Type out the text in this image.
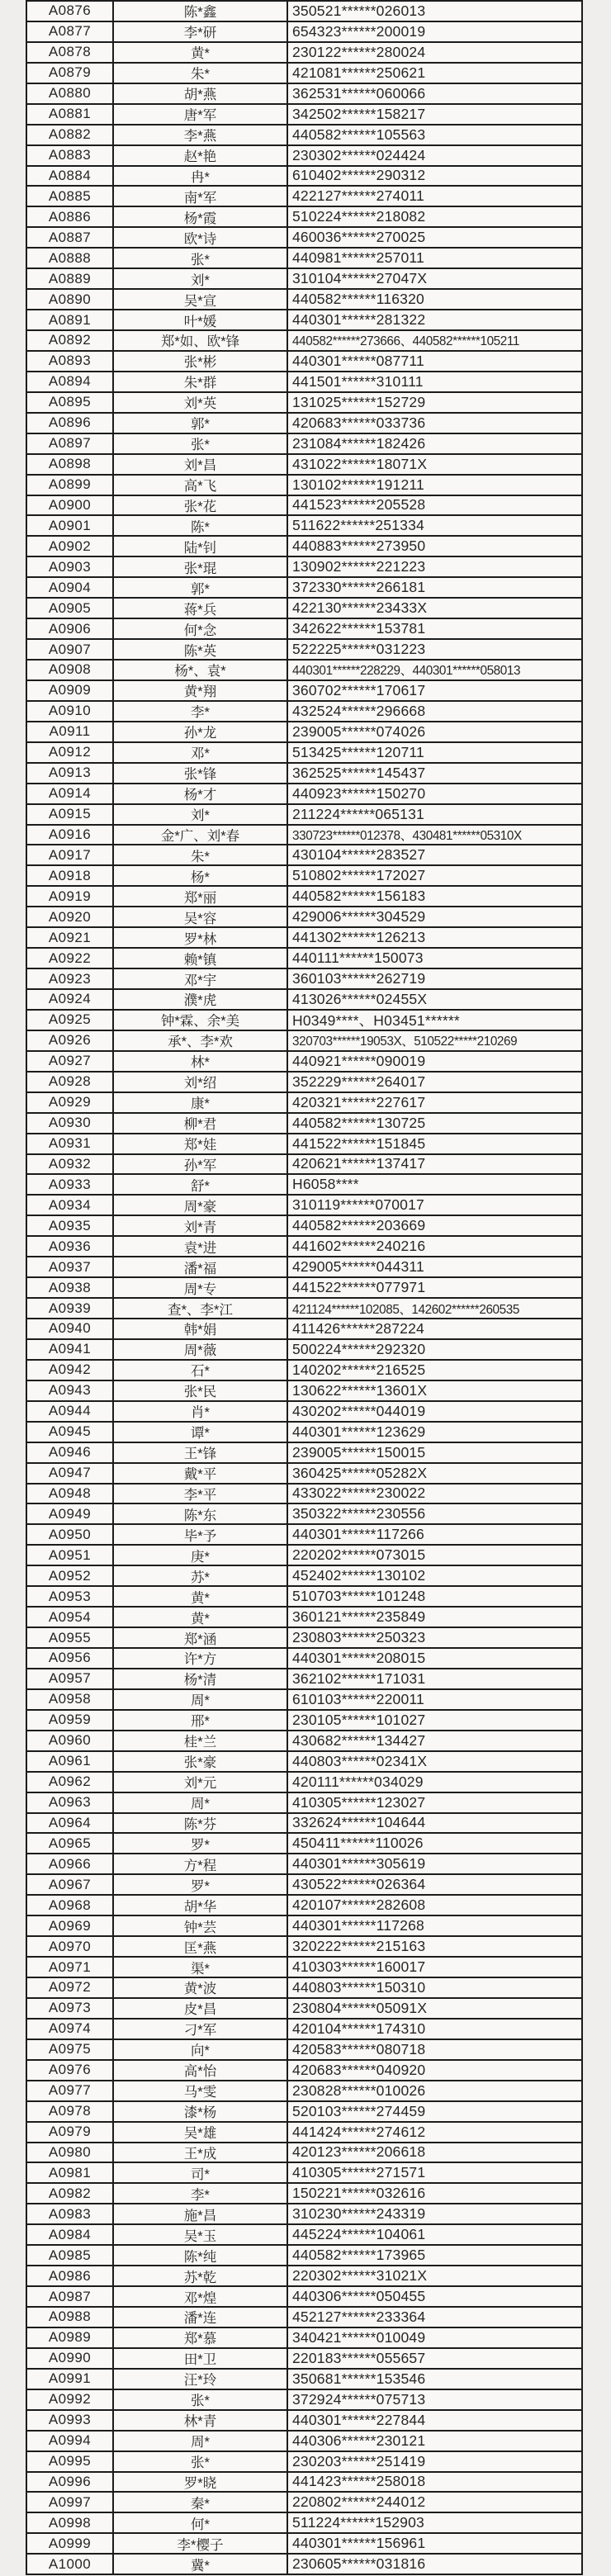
A0876	陈*鑫	350521******026013
A0877	李*研	654323******200019
A0878	黄*	230122******280024
A0879	朱*	421081******250621
A0880	胡*燕	362531******060066
A0881	唐*军	342502******158217
A0882	李*燕	440582******105563
A0883	赵*艳	230302******024424
A0884	冉*	610402******290312
A0885	南*军	422127******274011
A0886	杨*霞	510224******218082
A0887	欧*诗	460036******270025
A0888	张*	440981******257011
A0889	刘*	310104******27047X
A0890	吴*宣	440582******116320
A0891	叶*媛	440301******281322
A0892	郑*如、欧*锋	440582******273666、440582******105211
A0893	张*彬	440301******087711
A0894	朱*群	441501******310111
A0895	刘*英	131025******152729
A0896	郭*	420683******033736
A0897	张*	231084******182426
A0898	刘*昌	431022******18071X
A0899	高*飞	130102******191211
A0900	张*花	441523******205528
A0901	陈*	511622******251334
A0902	陆*钊	440883******273950
A0903	张*琨	130902******221223
A0904	郭*	372330******266181
A0905	蒋*兵	422130******23433X
A0906	何*念	342622******153781
A0907	陈*英	522225******031223
A0908	杨*、袁*	440301******228229、440301******058013
A0909	黄*翔	360702******170617
A0910	李*	432524******296668
A0911	孙*龙	239005******074026
A0912	邓*	513425******120711
A0913	张*锋	362525******145437
A0914	杨*才	440923******150270
A0915	刘*	211224******065131
A0916	金*广、刘*春	330723******012378、430481******05310X
A0917	朱*	430104******283527
A0918	杨*	510802******172027
A0919	郑*丽	440582******156183
A0920	吴*容	429006******304529
A0921	罗*林	441302******126213
A0922	赖*镇	440111******150073
A0923	邓*宇	360103******262719
A0924	濮*虎	413026******02455X
A0925	钟*霖、余*美	H0349****、H03451******
A0926	承*、李*欢	320703******19053X、510522*****210269
A0927	林*	440921******090019
A0928	刘*绍	352229******264017
A0929	康*	420321******227617
A0930	柳*君	440582******130725
A0931	郑*娃	441522******151845
A0932	孙*军	420621******137417
A0933	舒*	H6058****
A0934	周*豪	310119******070017
A0935	刘*青	440582******203669
A0936	袁*进	441602******240216
A0937	潘*福	429005******044311
A0938	周*专	441522******077971
A0939	查*、李*江	421124******102085、142602******260535
A0940	韩*娟	411426******287224
A0941	周*薇	500224******292320
A0942	石*	140202******216525
A0943	张*民	130622******13601X
A0944	肖*	430202******044019
A0945	谭*	440301******123629
A0946	王*锋	239005******150015
A0947	戴*平	360425******05282X
A0948	李*平	433022******230022
A0949	陈*东	350322******230556
A0950	毕*予	440301******117266
A0951	庚*	220202******073015
A0952	苏*	452402******130102
A0953	黄*	510703******101248
A0954	黄*	360121******235849
A0955	郑*涵	230803******250323
A0956	许*方	440301******208015
A0957	杨*清	362102******171031
A0958	周*	610103******220011
A0959	邢*	230105******101027
A0960	桂*兰	430682******134427
A0961	张*豪	440803******02341X
A0962	刘*元	420111******034029
A0963	周*	410305******123027
A0964	陈*芬	332624******104644
A0965	罗*	450411******110026
A0966	方*程	440301******305619
A0967	罗*	430522******026364
A0968	胡*华	420107******282608
A0969	钟*芸	440301******117268
A0970	匡*燕	320222******215163
A0971	渠*	410303******160017
A0972	黄*波	440803******150310
A0973	皮*昌	230804******05091X
A0974	刁*军	420104******174310
A0975	向*	420583******080718
A0976	高*怡	420683******040920
A0977	马*雯	230828******010026
A0978	漆*杨	520103******274459
A0979	吴*雄	441424******274612
A0980	王*成	420123******206618
A0981	司*	410305******271571
A0982	李*	150221******032616
A0983	施*昌	310230******243319
A0984	吴*玉	445224******104061
A0985	陈*纯	440582******173965
A0986	苏*乾	220302******31021X
A0987	邓*煌	440306******050455
A0988	潘*连	452127******233364
A0989	郑*慕	340421******010049
A0990	田*卫	220183******055657
A0991	汪*玲	350681******153546
A0992	张*	372924******075713
A0993	林*青	440301******227844
A0994	周*	440306******230121
A0995	张*	230203******251419
A0996	罗*晓	441423******258018
A0997	秦*	220802******244012
A0998	何*	511224******152903
A0999	李*樱子	440301******156961
A1000	冀*	230605******031816
